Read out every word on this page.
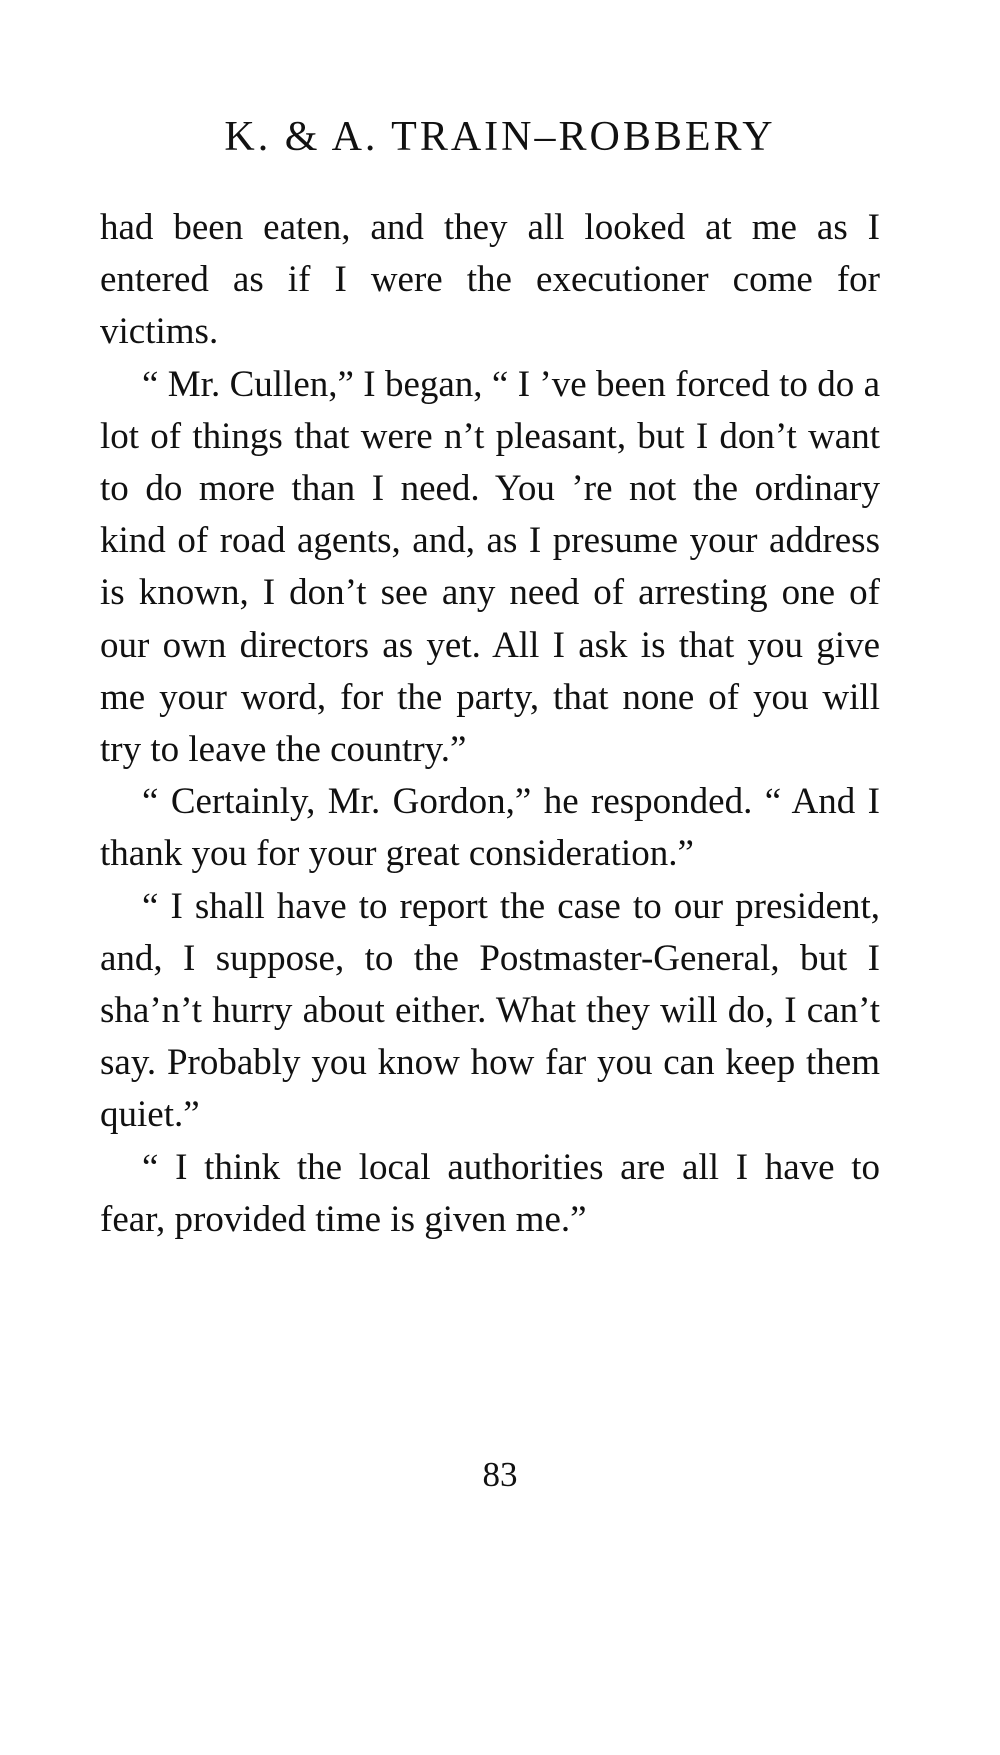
K. & A. TRAIN–ROBBERY

had been eaten, and they all looked at me as I entered as if I were the executioner come for victims.

“ Mr. Cullen,” I began, “ I ’ve been forced to do a lot of things that were n’t pleasant, but I don’t want to do more than I need. You ’re not the ordinary kind of road agents, and, as I presume your address is known, I don’t see any need of arresting one of our own directors as yet. All I ask is that you give me your word, for the party, that none of you will try to leave the country.”

“ Certainly, Mr. Gordon,” he responded. “ And I thank you for your great consideration.”

“ I shall have to report the case to our president, and, I suppose, to the Postmaster-General, but I sha’n’t hurry about either. What they will do, I can’t say. Probably you know how far you can keep them quiet.”

“ I think the local authorities are all I have to fear, provided time is given me.”

83
